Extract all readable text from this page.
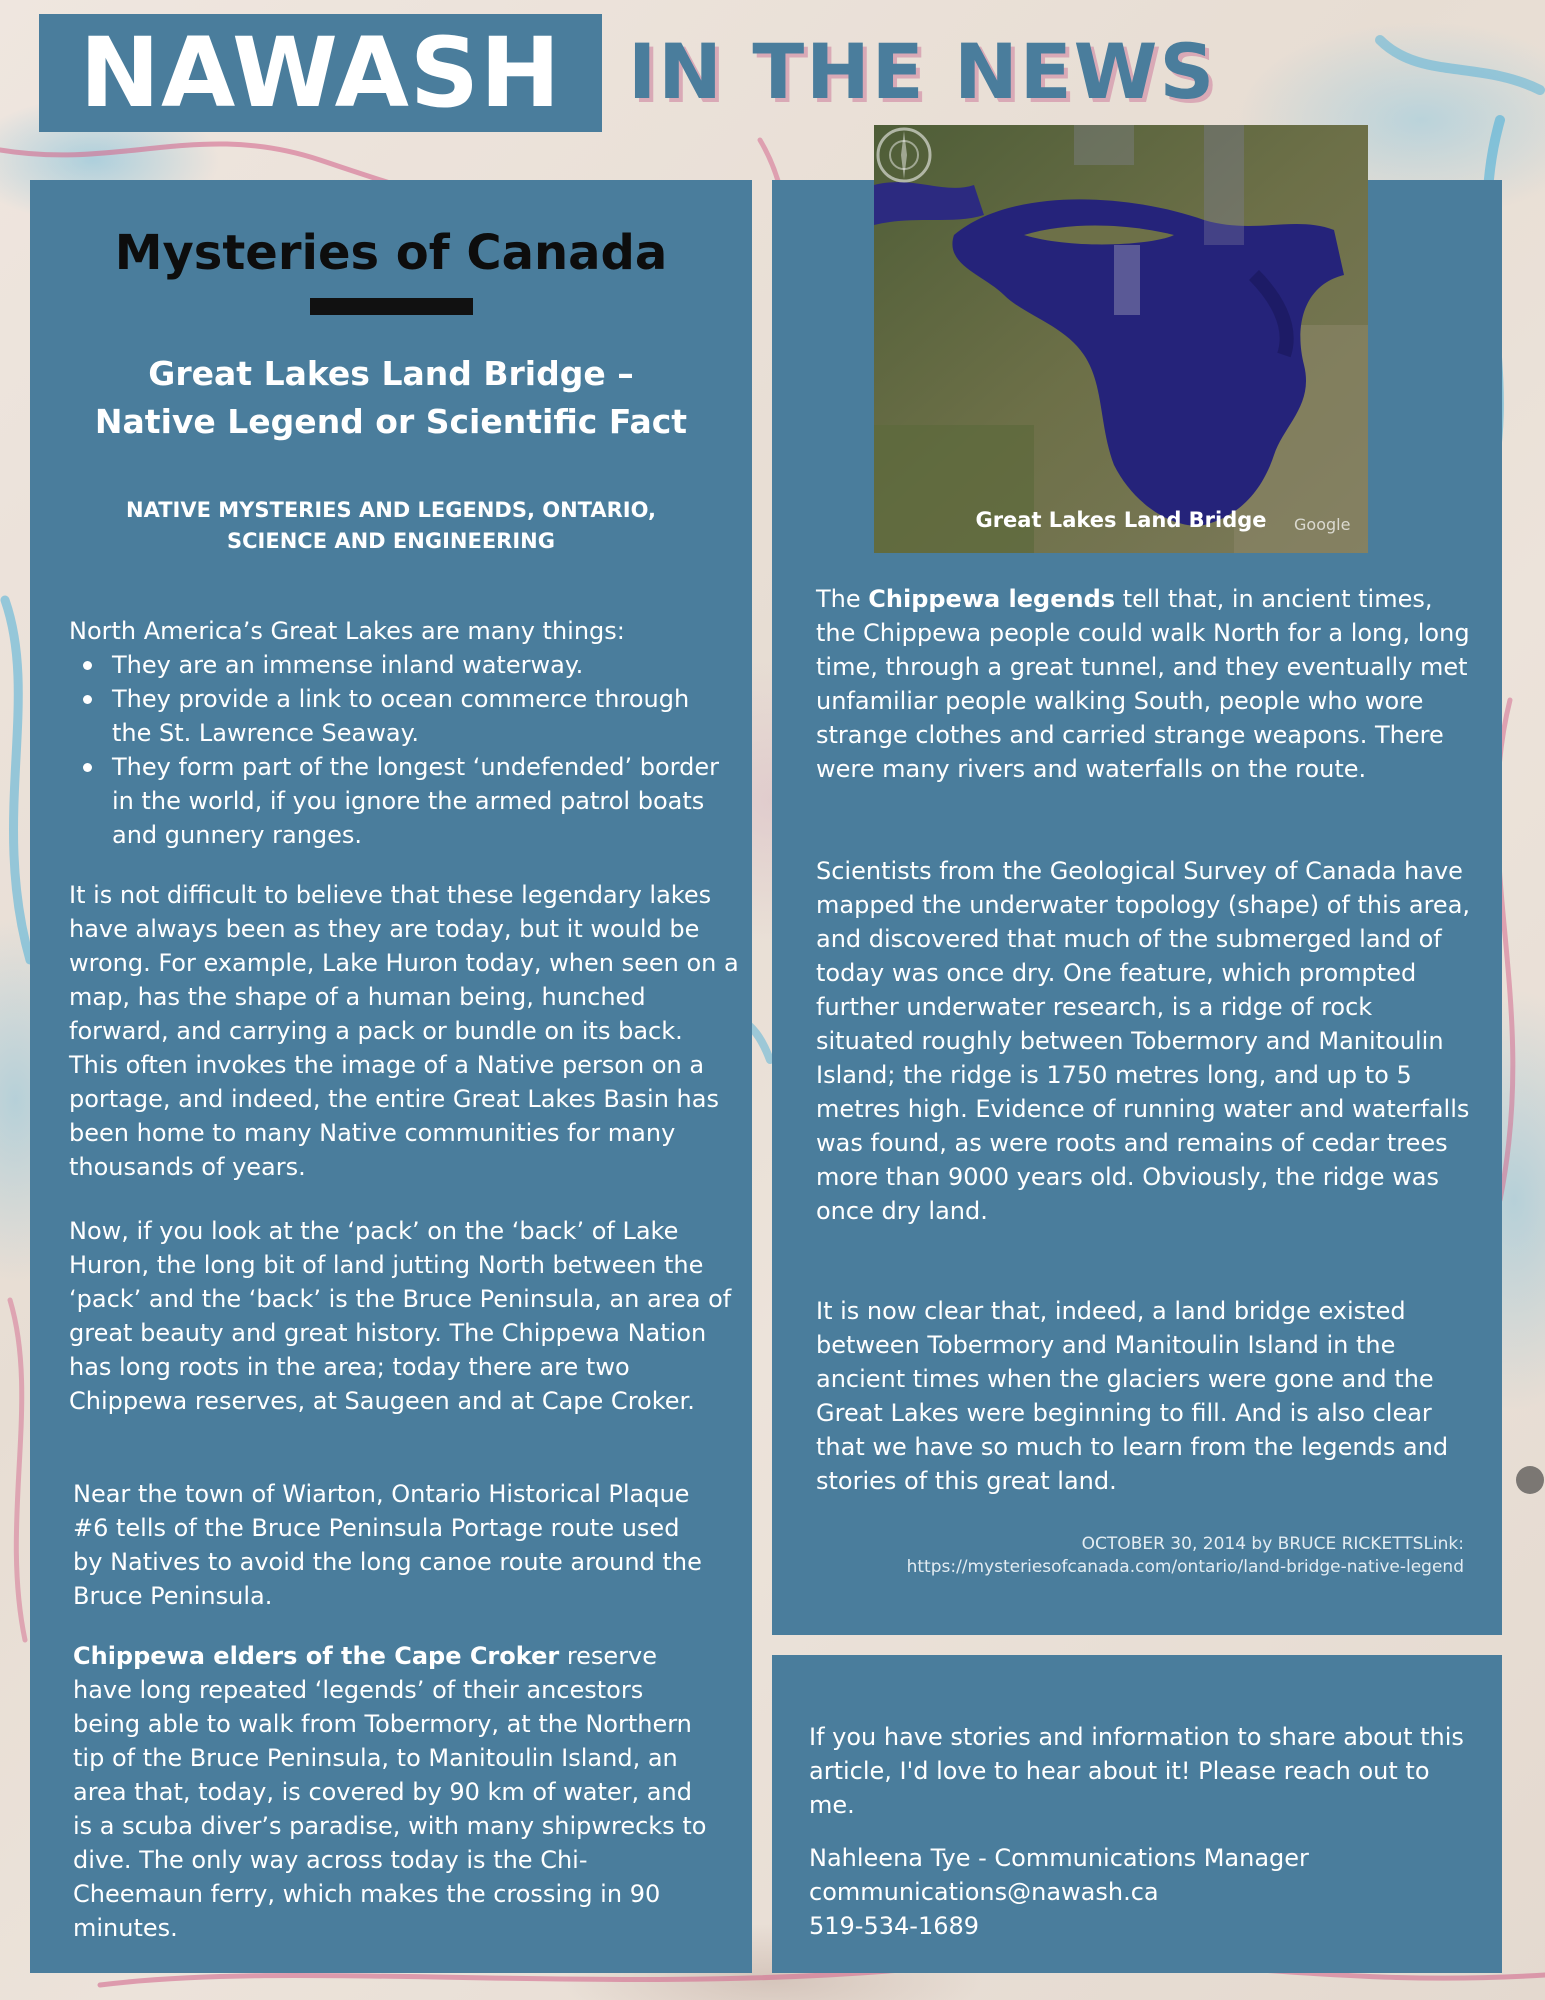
NAWASH IN THE NEWS
Mysteries of Canada
Great Lakes Land Bridge –
Native Legend or Scientific Fact
NATIVE MYSTERIES AND LEGENDS, ONTARIO,
SCIENCE AND ENGINEERING
North America’s Great Lakes are many things:
They are an immense inland waterway.
They provide a link to ocean commerce through the St. Lawrence Seaway.
They form part of the longest ‘undefended’ border in the world, if you ignore the armed patrol boats and gunnery ranges.
It is not difficult to believe that these legendary lakes have always been as they are today, but it would be wrong. For example, Lake Huron today, when seen on a map, has the shape of a human being, hunched forward, and carrying a pack or bundle on its back. This often invokes the image of a Native person on a portage, and indeed, the entire Great Lakes Basin has been home to many Native communities for many thousands of years.
Now, if you look at the ‘pack’ on the ‘back’ of Lake Huron, the long bit of land jutting North between the ‘pack’ and the ‘back’ is the Bruce Peninsula, an area of great beauty and great history. The Chippewa Nation has long roots in the area; today there are two Chippewa reserves, at Saugeen and at Cape Croker.
Near the town of Wiarton, Ontario Historical Plaque #6 tells of the Bruce Peninsula Portage route used by Natives to avoid the long canoe route around the Bruce Peninsula.
Chippewa elders of the Cape Croker reserve have long repeated ‘legends’ of their ancestors being able to walk from Tobermory, at the Northern tip of the Bruce Peninsula, to Manitoulin Island, an area that, today, is covered by 90 km of water, and is a scuba diver’s paradise, with many shipwrecks to dive. The only way across today is the Chi-Cheemaun ferry, which makes the crossing in 90 minutes.
The Chippewa legends tell that, in ancient times, the Chippewa people could walk North for a long, long time, through a great tunnel, and they eventually met unfamiliar people walking South, people who wore strange clothes and carried strange weapons. There were many rivers and waterfalls on the route.
Scientists from the Geological Survey of Canada have mapped the underwater topology (shape) of this area, and discovered that much of the submerged land of today was once dry. One feature, which prompted further underwater research, is a ridge of rock situated roughly between Tobermory and Manitoulin Island; the ridge is 1750 metres long, and up to 5 metres high. Evidence of running water and waterfalls was found, as were roots and remains of cedar trees more than 9000 years old. Obviously, the ridge was once dry land.
It is now clear that, indeed, a land bridge existed between Tobermory and Manitoulin Island in the ancient times when the glaciers were gone and the Great Lakes were beginning to fill. And is also clear that we have so much to learn from the legends and stories of this great land.
OCTOBER 30, 2014 by BRUCE RICKETTSLink:
https://mysteriesofcanada.com/ontario/land-bridge-native-legend
Great Lakes Land Bridge	Google
If you have stories and information to share about this article, I'd love to hear about it! Please reach out to me.
Nahleena Tye - Communications Manager
communications@nawash.ca
519-534-1689
